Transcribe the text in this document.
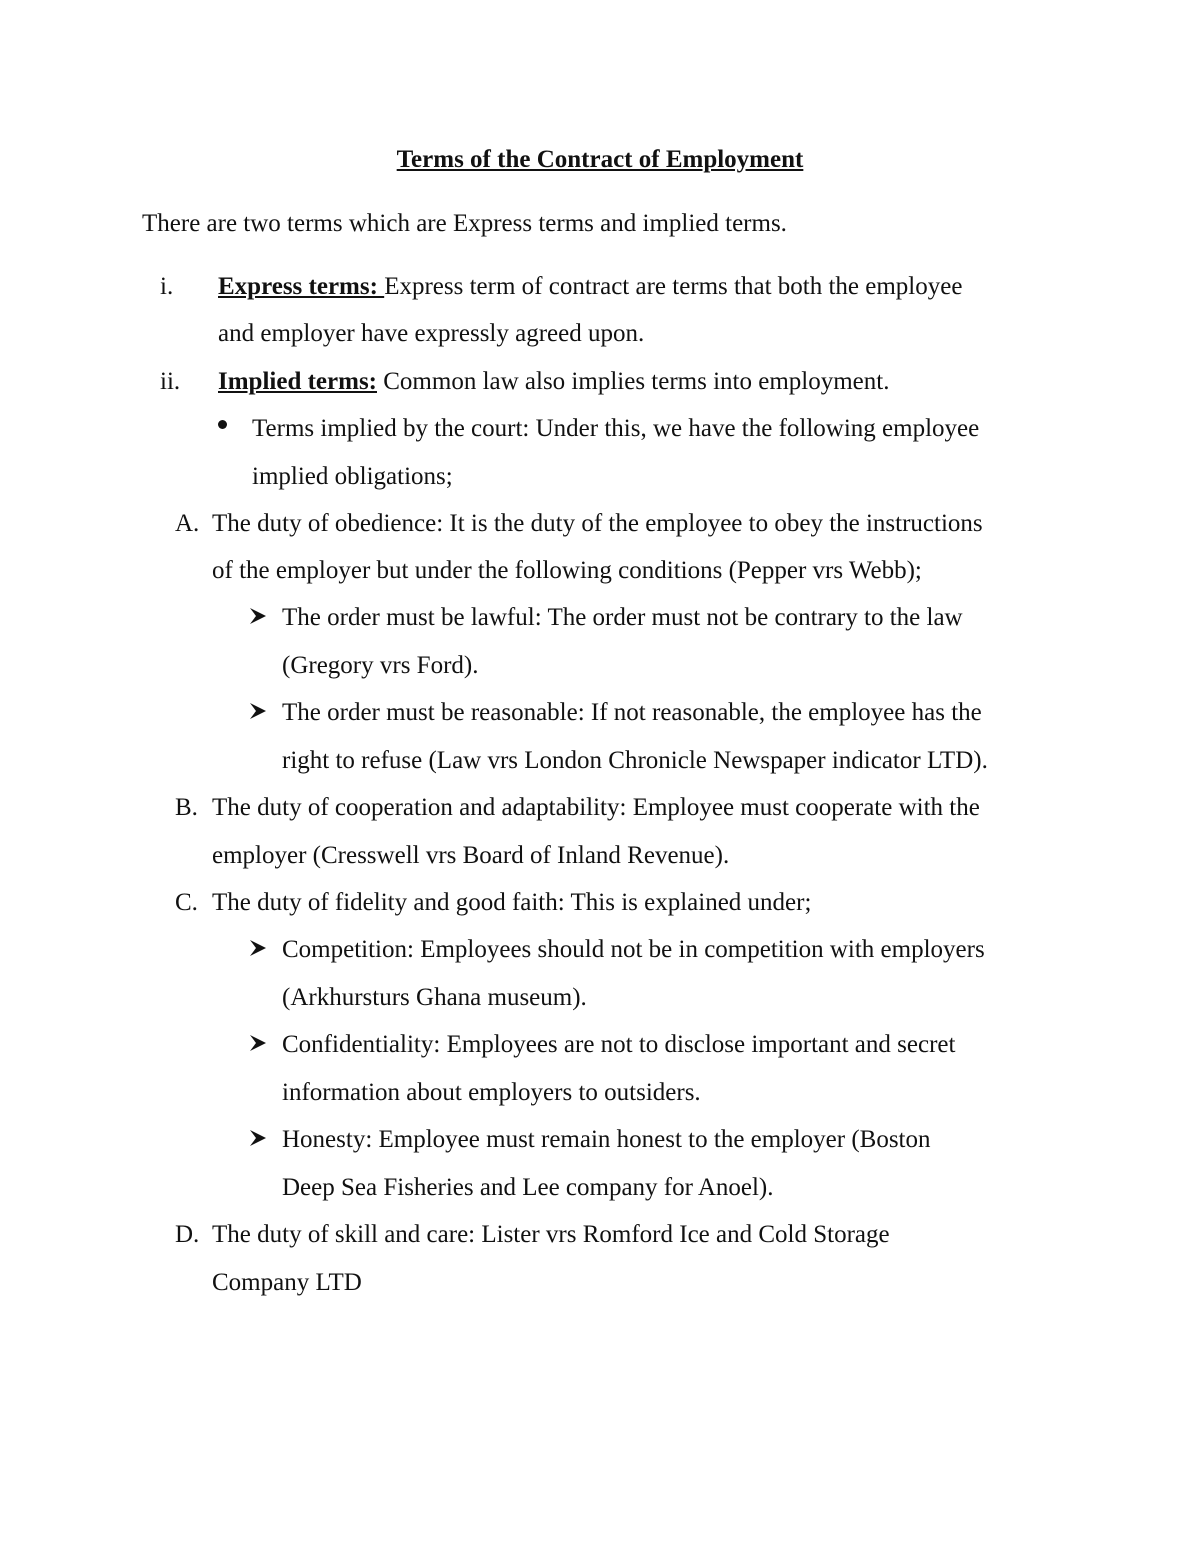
Terms of the Contract of Employment
There are two terms which are Express terms and implied terms.
i. Express terms: Express term of contract are terms that both the employee
and employer have expressly agreed upon.
ii. Implied terms: Common law also implies terms into employment.
Terms implied by the court: Under this, we have the following employee
implied obligations;
A. The duty of obedience: It is the duty of the employee to obey the instructions
of the employer but under the following conditions (Pepper vrs Webb);
The order must be lawful: The order must not be contrary to the law
(Gregory vrs Ford).
The order must be reasonable: If not reasonable, the employee has the
right to refuse (Law vrs London Chronicle Newspaper indicator LTD).
B. The duty of cooperation and adaptability: Employee must cooperate with the
employer (Cresswell vrs Board of Inland Revenue).
C. The duty of fidelity and good faith: This is explained under;
Competition: Employees should not be in competition with employers
(Arkhursturs Ghana museum).
Confidentiality: Employees are not to disclose important and secret
information about employers to outsiders.
Honesty: Employee must remain honest to the employer (Boston
Deep Sea Fisheries and Lee company for Anoel).
D. The duty of skill and care: Lister vrs Romford Ice and Cold Storage
Company LTD
